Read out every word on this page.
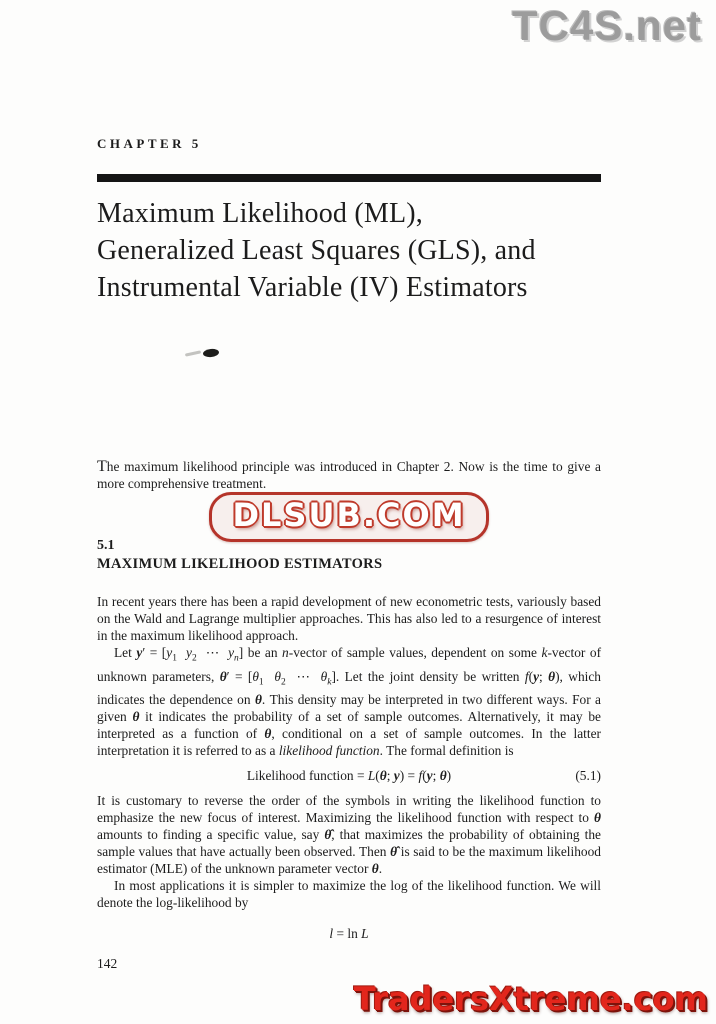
TC4S.net
CHAPTER 5
Maximum Likelihood (ML),
Generalized Least Squares (GLS), and
Instrumental Variable (IV) Estimators

The maximum likelihood principle was introduced in Chapter 2. Now is the time to give a more comprehensive treatment.

DLSUB.COM
5.1
MAXIMUM LIKELIHOOD ESTIMATORS

In recent years there has been a rapid development of new econometric tests, variously based on the Wald and Lagrange multiplier approaches. This has also led to a resurgence of interest in the maximum likelihood approach.

Let $y' = [y_1$ $y_2$  ⋯  $y_n$] be an n-vector of sample values, dependent on some k-vector of unknown parameters, $\theta' = [\theta_1$ $\theta_2$  ⋯  $\theta_k$]. Let the joint density be written f(y; θ), which indicates the dependence on θ. This density may be interpreted in two different ways. For a given θ it indicates the probability of a set of sample outcomes. Alternatively, it may be interpreted as a function of θ, conditional on a set of sample outcomes. In the latter interpretation it is referred to as a likelihood function. The formal definition is

Likelihood function = L(θ; y) = f(y; θ)	(5.1)

It is customary to reverse the order of the symbols in writing the likelihood function to emphasize the new focus of interest. Maximizing the likelihood function with respect to θ amounts to finding a specific value, say θ̂, that maximizes the probability of obtaining the sample values that have actually been observed. Then θ̂ is said to be the maximum likelihood estimator (MLE) of the unknown parameter vector θ.

In most applications it is simpler to maximize the log of the likelihood function. We will denote the log-likelihood by

l = ln L
142
TradersXtreme.com
